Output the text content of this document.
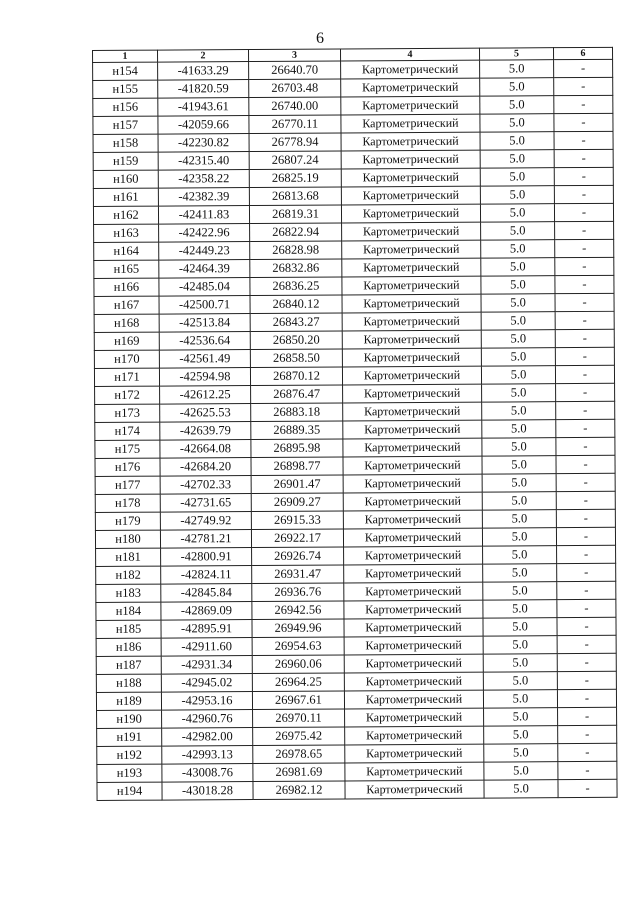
6
1	2	3	4	5	6
н154	-41633.29	26640.70	Картометрический	5.0	-
н155	-41820.59	26703.48	Картометрический	5.0	-
н156	-41943.61	26740.00	Картометрический	5.0	-
н157	-42059.66	26770.11	Картометрический	5.0	-
н158	-42230.82	26778.94	Картометрический	5.0	-
н159	-42315.40	26807.24	Картометрический	5.0	-
н160	-42358.22	26825.19	Картометрический	5.0	-
н161	-42382.39	26813.68	Картометрический	5.0	-
н162	-42411.83	26819.31	Картометрический	5.0	-
н163	-42422.96	26822.94	Картометрический	5.0	-
н164	-42449.23	26828.98	Картометрический	5.0	-
н165	-42464.39	26832.86	Картометрический	5.0	-
н166	-42485.04	26836.25	Картометрический	5.0	-
н167	-42500.71	26840.12	Картометрический	5.0	-
н168	-42513.84	26843.27	Картометрический	5.0	-
н169	-42536.64	26850.20	Картометрический	5.0	-
н170	-42561.49	26858.50	Картометрический	5.0	-
н171	-42594.98	26870.12	Картометрический	5.0	-
н172	-42612.25	26876.47	Картометрический	5.0	-
н173	-42625.53	26883.18	Картометрический	5.0	-
н174	-42639.79	26889.35	Картометрический	5.0	-
н175	-42664.08	26895.98	Картометрический	5.0	-
н176	-42684.20	26898.77	Картометрический	5.0	-
н177	-42702.33	26901.47	Картометрический	5.0	-
н178	-42731.65	26909.27	Картометрический	5.0	-
н179	-42749.92	26915.33	Картометрический	5.0	-
н180	-42781.21	26922.17	Картометрический	5.0	-
н181	-42800.91	26926.74	Картометрический	5.0	-
н182	-42824.11	26931.47	Картометрический	5.0	-
н183	-42845.84	26936.76	Картометрический	5.0	-
н184	-42869.09	26942.56	Картометрический	5.0	-
н185	-42895.91	26949.96	Картометрический	5.0	-
н186	-42911.60	26954.63	Картометрический	5.0	-
н187	-42931.34	26960.06	Картометрический	5.0	-
н188	-42945.02	26964.25	Картометрический	5.0	-
н189	-42953.16	26967.61	Картометрический	5.0	-
н190	-42960.76	26970.11	Картометрический	5.0	-
н191	-42982.00	26975.42	Картометрический	5.0	-
н192	-42993.13	26978.65	Картометрический	5.0	-
н193	-43008.76	26981.69	Картометрический	5.0	-
н194	-43018.28	26982.12	Картометрический	5.0	-
